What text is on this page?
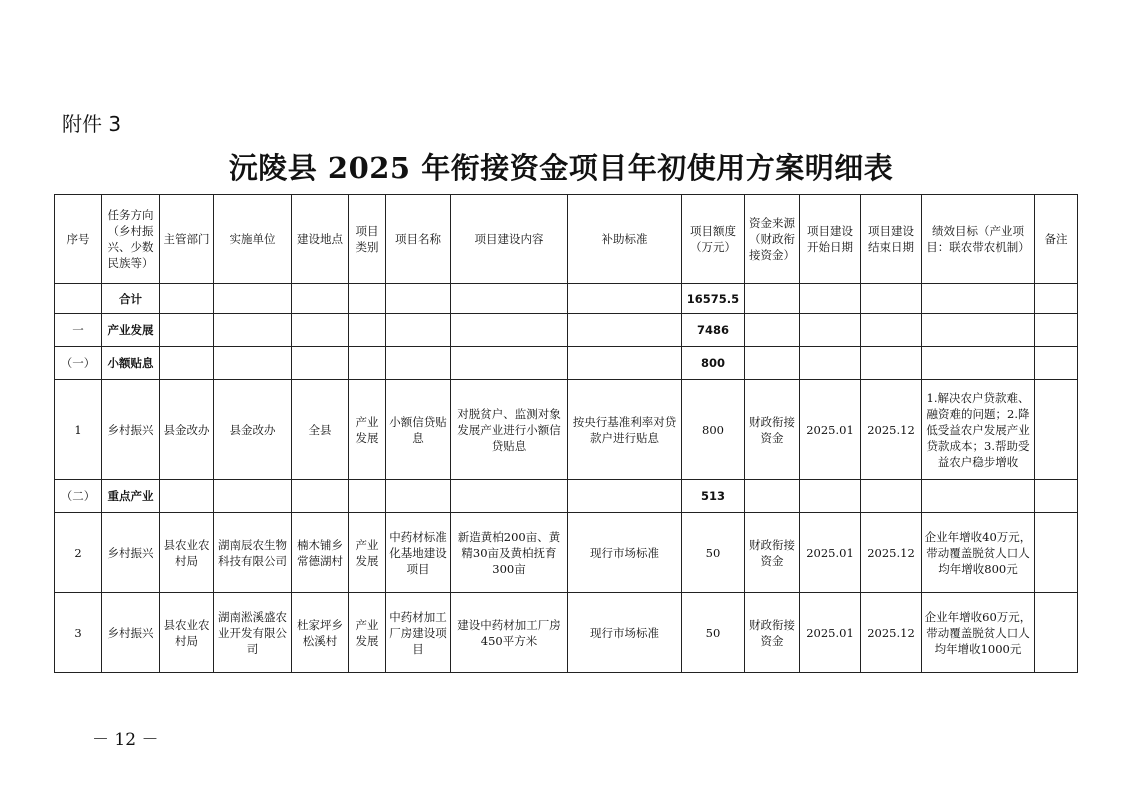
附件 3
沅陵县 2025 年衔接资金项目年初使用方案明细表
序号	任务方向（乡村振兴、少数民族等）	主管部门	实施单位	建设地点	项目类别	项目名称	项目建设内容	补助标准	项目额度（万元）	资金来源（财政衔接资金）	项目建设开始日期	项目建设结束日期	绩效目标（产业项目：联农带农机制）	备注
	合计								16575.5					
一	产业发展								7486					
（一）	小额贴息								800					
1	乡村振兴	县金改办	县金改办	全县	产业发展	小额信贷贴息	对脱贫户、监测对象发展产业进行小额信贷贴息	按央行基准利率对贷款户进行贴息	800	财政衔接资金	2025.01	2025.12	1.解决农户贷款难、融资难的问题；2.降低受益农户发展产业贷款成本；3.帮助受益农户稳步增收	
（二）	重点产业								513					
2	乡村振兴	县农业农村局	湖南辰农生物科技有限公司	楠木铺乡常德湖村	产业发展	中药材标准化基地建设项目	新造黄柏200亩、黄精30亩及黄柏抚育300亩	现行市场标准	50	财政衔接资金	2025.01	2025.12	企业年增收40万元，带动覆盖脱贫人口人均年增收800元	
3	乡村振兴	县农业农村局	湖南淞溪盛农业开发有限公司	杜家坪乡松溪村	产业发展	中药材加工厂房建设项目	建设中药材加工厂房450平方米	现行市场标准	50	财政衔接资金	2025.01	2025.12	企业年增收60万元，带动覆盖脱贫人口人均年增收1000元	
－ 12 －
